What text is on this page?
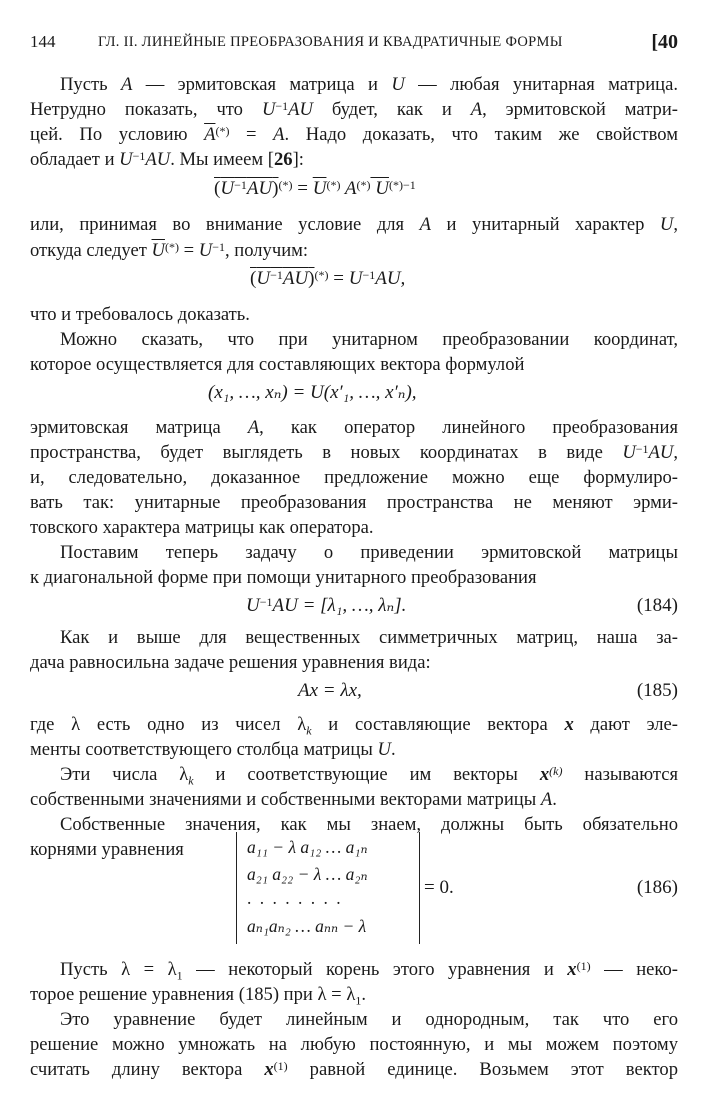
144	ГЛ. II. ЛИНЕЙНЫЕ ПРЕОБРАЗОВАНИЯ И КВАДРАТИЧНЫЕ ФОРМЫ	[40
Пусть A — эрмитовская матрица и U — любая унитарная матрица.
Нетрудно показать, что $U^{-1}AU$ будет, как и A, эрмитовской матри-
цей. По условию $\overline{A}^{(*)} = A$. Надо доказать, что таким же свойством
обладает и $U^{-1}AU$. Мы имеем [26]:
$(U^{-1}AU)^{(*)} = \overline{U}^{(*)}$ A(*) $U^{(*)-1}$
или, принимая во внимание условие для A и унитарный характер U,
откуда следует $\overline{U}^{(*)} = U^{-1}$, получим:
$(U^{-1}AU)^{(*)} = U^{-1}AU$,
что и требовалось доказать.
Можно сказать, что при унитарном преобразовании координат,
которое осуществляется для составляющих вектора формулой
(x₁, …, xₙ) = U(x′₁, …, x′ₙ),
эрмитовская матрица A, как оператор линейного преобразования
пространства, будет выглядеть в новых координатах в виде $U^{-1}AU$,
и, следовательно, доказанное предложение можно еще формулиро-
вать так: унитарные преобразования пространства не меняют эрми-
товского характера матрицы как оператора.
Поставим теперь задачу о приведении эрмитовской матрицы
к диагональной форме при помощи унитарного преобразования
$U^{-1}AU = [\lambda_1$, …, λₙ].	(184)
Как и выше для вещественных симметричных матриц, наша за-
дача равносильна задаче решения уравнения вида:
Ax = λx,	(185)
где λ есть одно из чисел $\lambda_k$ и составляющие вектора x дают эле-
менты соответствующего столбца матрицы U.
Эти числа $\lambda_k$ и соответствующие им векторы $x^{(k)}$ называются
собственными значениями и собственными векторами матрицы A.
Собственные значения, как мы знаем, должны быть обязательно
корнями уравнения	a₁₁ − λ a₁₂ … a₁ₙ
a₂₁ a₂₂ − λ … a₂ₙ
. . . . . . . .
aₙ₁aₙ₂ … aₙₙ − λ
= 0.	(186)
Пусть $\lambda = \lambda_1$ — некоторый корень этого уравнения и $x^{(1)}$ — неко-
торое решение уравнения (185) при $\lambda = \lambda_1$.
Это уравнение будет линейным и однородным, так что его
решение можно умножать на любую постоянную, и мы можем поэтому
считать длину вектора $x^{(1)}$ равной единице. Возьмем этот вектор
